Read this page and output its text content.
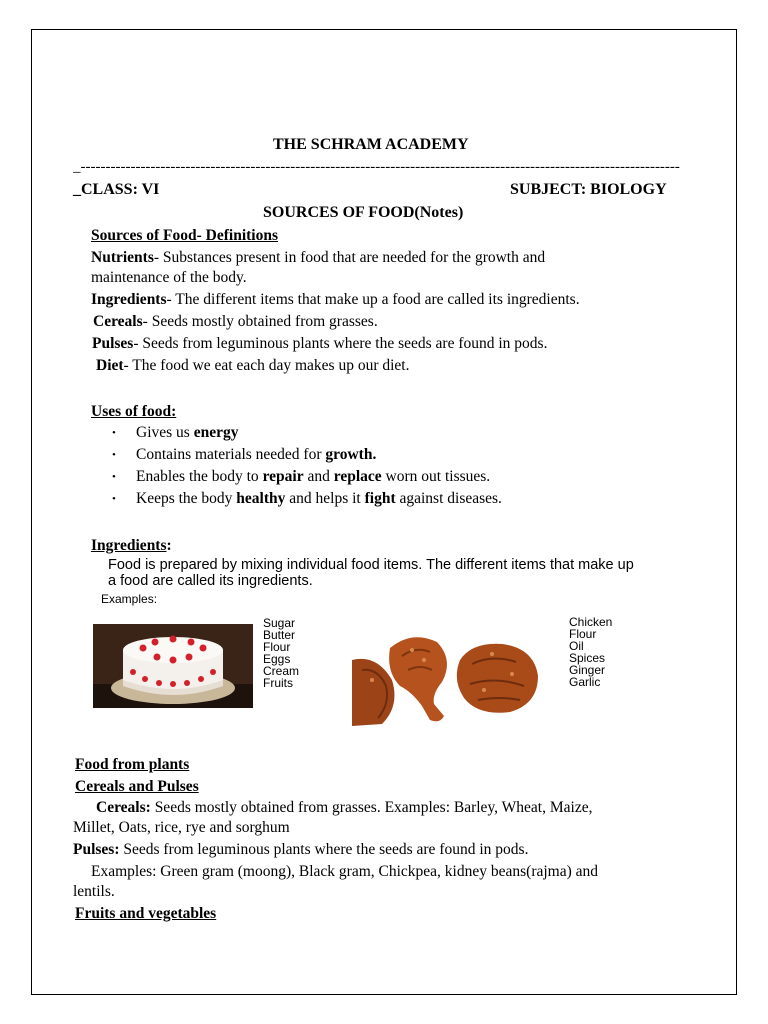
THE SCHRAM ACADEMY
_------------------------------------------------------------------------------------------------------------------------
_CLASS: VI	SUBJECT: BIOLOGY
SOURCES OF FOOD(Notes)
Sources of Food- Definitions
Nutrients- Substances present in food that are needed for the growth and
maintenance of the body.
Ingredients- The different items that make up a food are called its ingredients.
Cereals- Seeds mostly obtained from grasses.
Pulses- Seeds from leguminous plants where the seeds are found in pods.
Diet- The food we eat each day makes up our diet.
Uses of food:
• Gives us energy
• Contains materials needed for growth.
• Enables the body to repair and replace worn out tissues.
• Keeps the body healthy and helps it fight against diseases.
Ingredients:
Food is prepared by mixing individual food items. The different items that make up
a food are called its ingredients.
Examples:
Sugar
Butter
Flour
Eggs
Cream
Fruits
Chicken
Flour
Oil
Spices
Ginger
Garlic
Food from plants
Cereals and Pulses
Cereals: Seeds mostly obtained from grasses. Examples: Barley, Wheat, Maize,
Millet, Oats, rice, rye and sorghum
Pulses: Seeds from leguminous plants where the seeds are found in pods.
Examples: Green gram (moong), Black gram, Chickpea, kidney beans(rajma) and
lentils.
Fruits and vegetables
